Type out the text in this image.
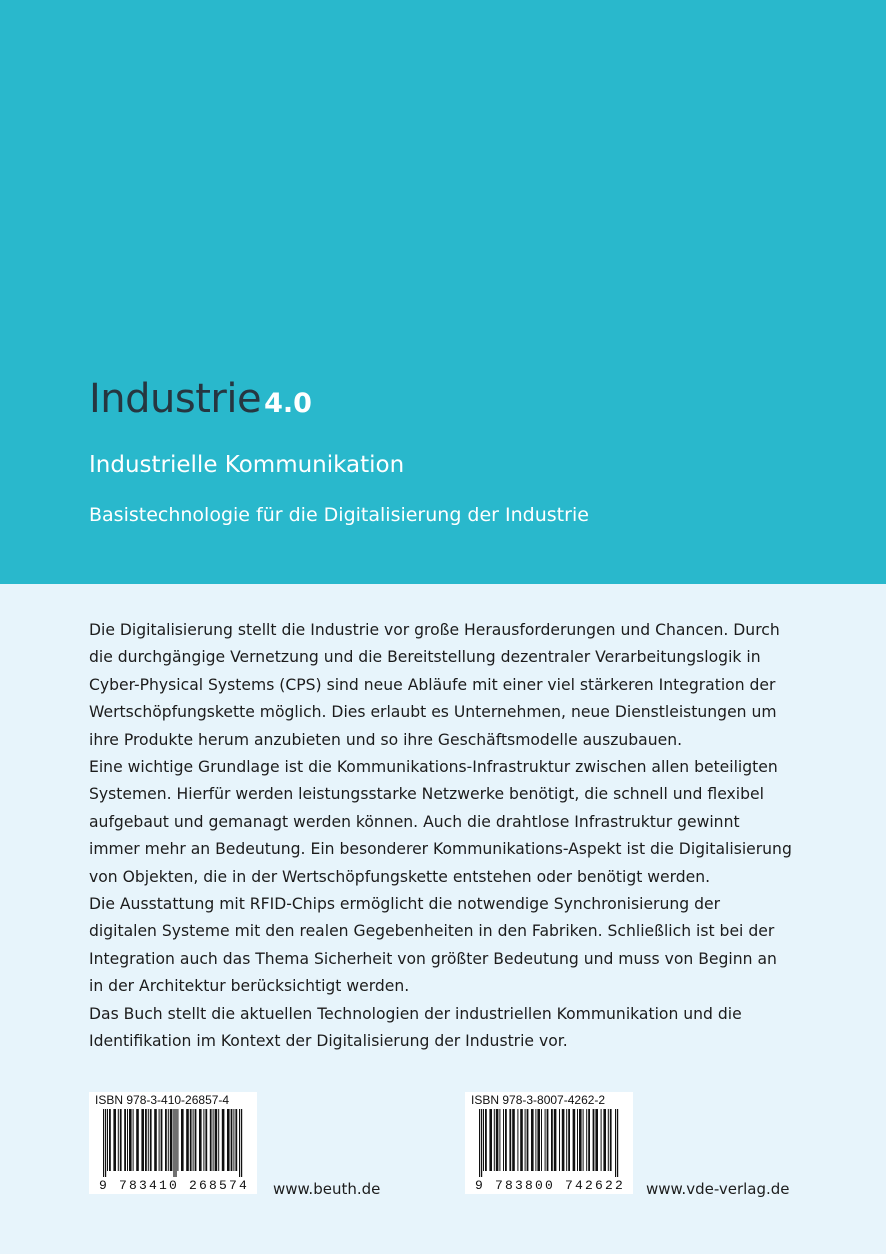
Industrie 4.0
Industrielle Kommunikation
Basistechnologie für die Digitalisierung der Industrie

Die Digitalisierung stellt die Industrie vor große Herausforderungen und Chancen. Durch

die durchgängige Vernetzung und die Bereitstellung dezentraler Verarbeitungslogik in

Cyber-Physical Systems (CPS) sind neue Abläufe mit einer viel stärkeren Integration der

Wertschöpfungskette möglich. Dies erlaubt es Unternehmen, neue Dienstleistungen um

ihre Produkte herum anzubieten und so ihre Geschäftsmodelle auszubauen.

Eine wichtige Grundlage ist die Kommunikations-Infrastruktur zwischen allen beteiligten

Systemen. Hierfür werden leistungsstarke Netzwerke benötigt, die schnell und flexibel

aufgebaut und gemanagt werden können. Auch die drahtlose Infrastruktur gewinnt

immer mehr an Bedeutung. Ein besonderer Kommunikations-Aspekt ist die Digitalisierung

von Objekten, die in der Wertschöpfungskette entstehen oder benötigt werden.

Die Ausstattung mit RFID-Chips ermöglicht die notwendige Synchronisierung der

digitalen Systeme mit den realen Gegebenheiten in den Fabriken. Schließlich ist bei der

Integration auch das Thema Sicherheit von größter Bedeutung und muss von Beginn an

in der Architektur berücksichtigt werden.

Das Buch stellt die aktuellen Technologien der industriellen Kommunikation und die

Identifikation im Kontext der Digitalisierung der Industrie vor.

ISBN 978-3-410-26857-4
9 783410 268574 www.beuth.de
ISBN 978-3-8007-4262-2
9 783800 742622 www.vde-verlag.de
